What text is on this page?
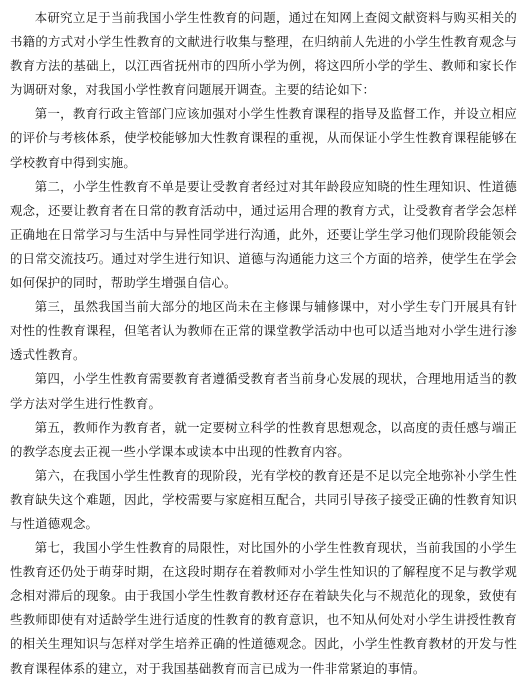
本研究立足于当前我国小学生性教育的问题，通过在知网上查阅文献资料与购买相关的书籍的方式对小学生性教育的文献进行收集与整理，在归纳前人先进的小学生性教育观念与教育方法的基础上，以江西省抚州市的四所小学为例，将这四所小学的学生、教师和家长作为调研对象，对我国小学性教育问题展开调查。主要的结论如下：

第一，教育行政主管部门应该加强对小学生性教育课程的指导及监督工作，并设立相应的评价与考核体系，使学校能够加大性教育课程的重视，从而保证小学生性教育课程能够在学校教育中得到实施。

第二，小学生性教育不单是要让受教育者经过对其年龄段应知晓的性生理知识、性道德观念，还要让教育者在日常的教育活动中，通过运用合理的教育方式，让受教育者学会怎样正确地在日常学习与生活中与异性同学进行沟通，此外，还要让学生学习他们现阶段能领会的日常交流技巧。通过对学生进行知识、道德与沟通能力这三个方面的培养，使学生在学会如何保护的同时，帮助学生增强自信心。

第三，虽然我国当前大部分的地区尚未在主修课与辅修课中，对小学生专门开展具有针对性的性教育课程，但笔者认为教师在正常的课堂教学活动中也可以适当地对小学生进行渗透式性教育。

第四，小学生性教育需要教育者遵循受教育者当前身心发展的现状，合理地用适当的教学方法对学生进行性教育。

第五，教师作为教育者，就一定要树立科学的性教育思想观念，以高度的责任感与端正的教学态度去正视一些小学课本或读本中出现的性教育内容。

第六，在我国小学生性教育的现阶段，光有学校的教育还是不足以完全地弥补小学生性教育缺失这个难题，因此，学校需要与家庭相互配合，共同引导孩子接受正确的性教育知识与性道德观念。

第七，我国小学生性教育的局限性，对比国外的小学生性教育现状，当前我国的小学生性教育还仍处于萌芽时期，在这段时期存在着教师对小学生性知识的了解程度不足与教学观念相对滞后的现象。由于我国小学生性教育教材还存在着缺失化与不规范化的现象，致使有些教师即使有对适龄学生进行适度的性教育的教育意识，也不知从何处对小学生讲授性教育的相关生理知识与怎样对学生培养正确的性道德观念。因此，小学生性教育教材的开发与性教育课程体系的建立，对于我国基础教育而言已成为一件非常紧迫的事情。
